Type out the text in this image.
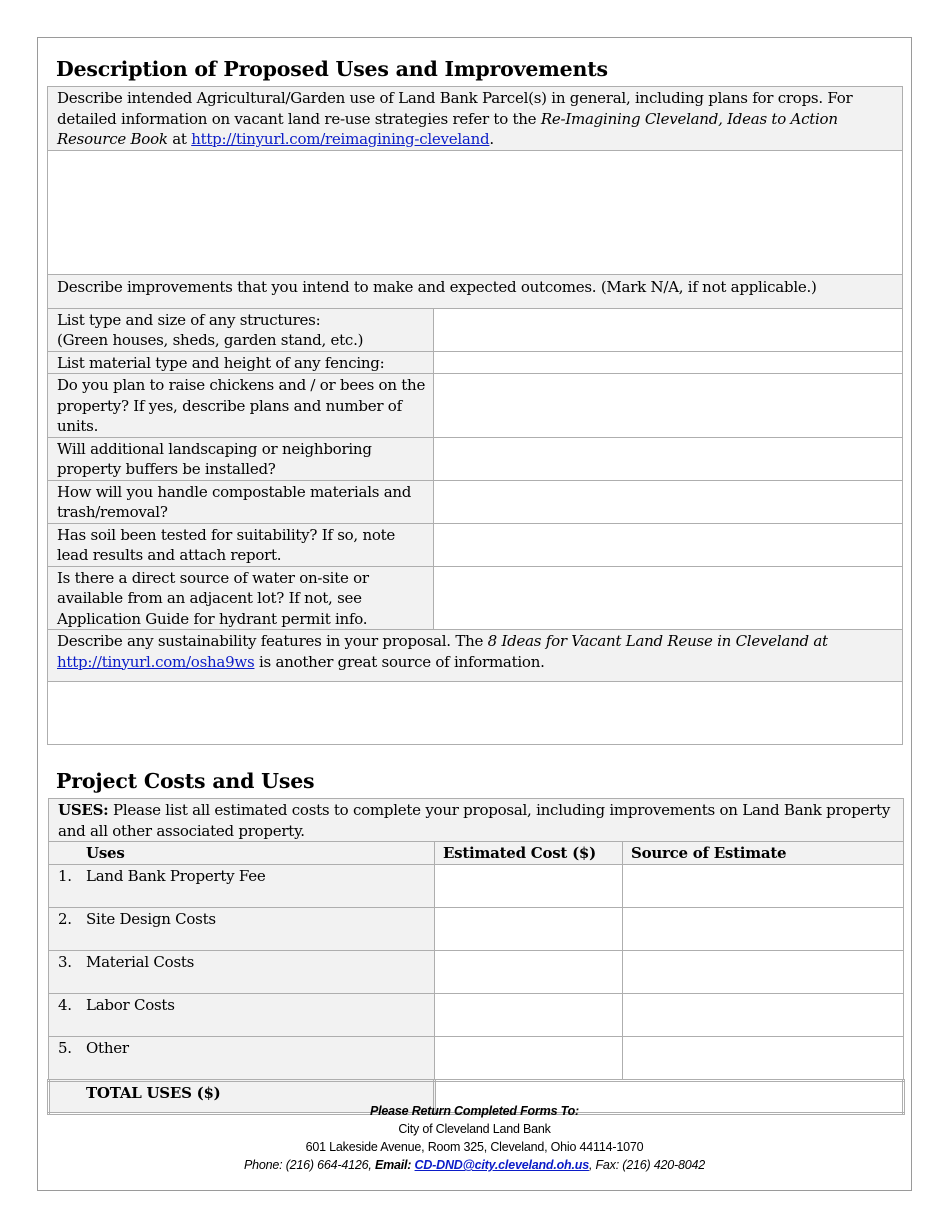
Description of Proposed Uses and Improvements
Describe intended Agricultural/Garden use of Land Bank Parcel(s) in general, including plans for crops. For detailed information on vacant land re-use strategies refer to the Re-Imagining Cleveland, Ideas to Action Resource Book at http://tinyurl.com/reimagining-cleveland.	

Describe improvements that you intend to make and expected outcomes. (Mark N/A, if not applicable.)	
List type and size of any structures:
(Green houses, sheds, garden stand, etc.)	
List material type and height of any fencing:	
Do you plan to raise chickens and / or bees on the property? If yes, describe plans and number of units.	
Will additional landscaping or neighboring property buffers be installed?	
How will you handle compostable materials and trash/removal?	
Has soil been tested for suitability? If so, note lead results and attach report.	
Is there a direct source of water on-site or available from an adjacent lot? If not, see Application Guide for hydrant permit info.	
Describe any sustainability features in your proposal. The 8 Ideas for Vacant Land Reuse in Cleveland at http://tinyurl.com/osha9ws is another great source of information.	

Project Costs and Uses
USES: Please list all estimated costs to complete your proposal, including improvements on Land Bank property and all other associated property.		
Uses	Estimated Cost ($)	Source of Estimate
1. Land Bank Property Fee		
2. Site Design Costs		
3. Material Costs		
4. Labor Costs		
5. Other		
TOTAL USES ($)		
Please Return Completed Forms To:
City of Cleveland Land Bank
601 Lakeside Avenue, Room 325, Cleveland, Ohio 44114-1070
Phone: (216) 664-4126, Email: CD-DND@city.cleveland.oh.us, Fax: (216) 420-8042
